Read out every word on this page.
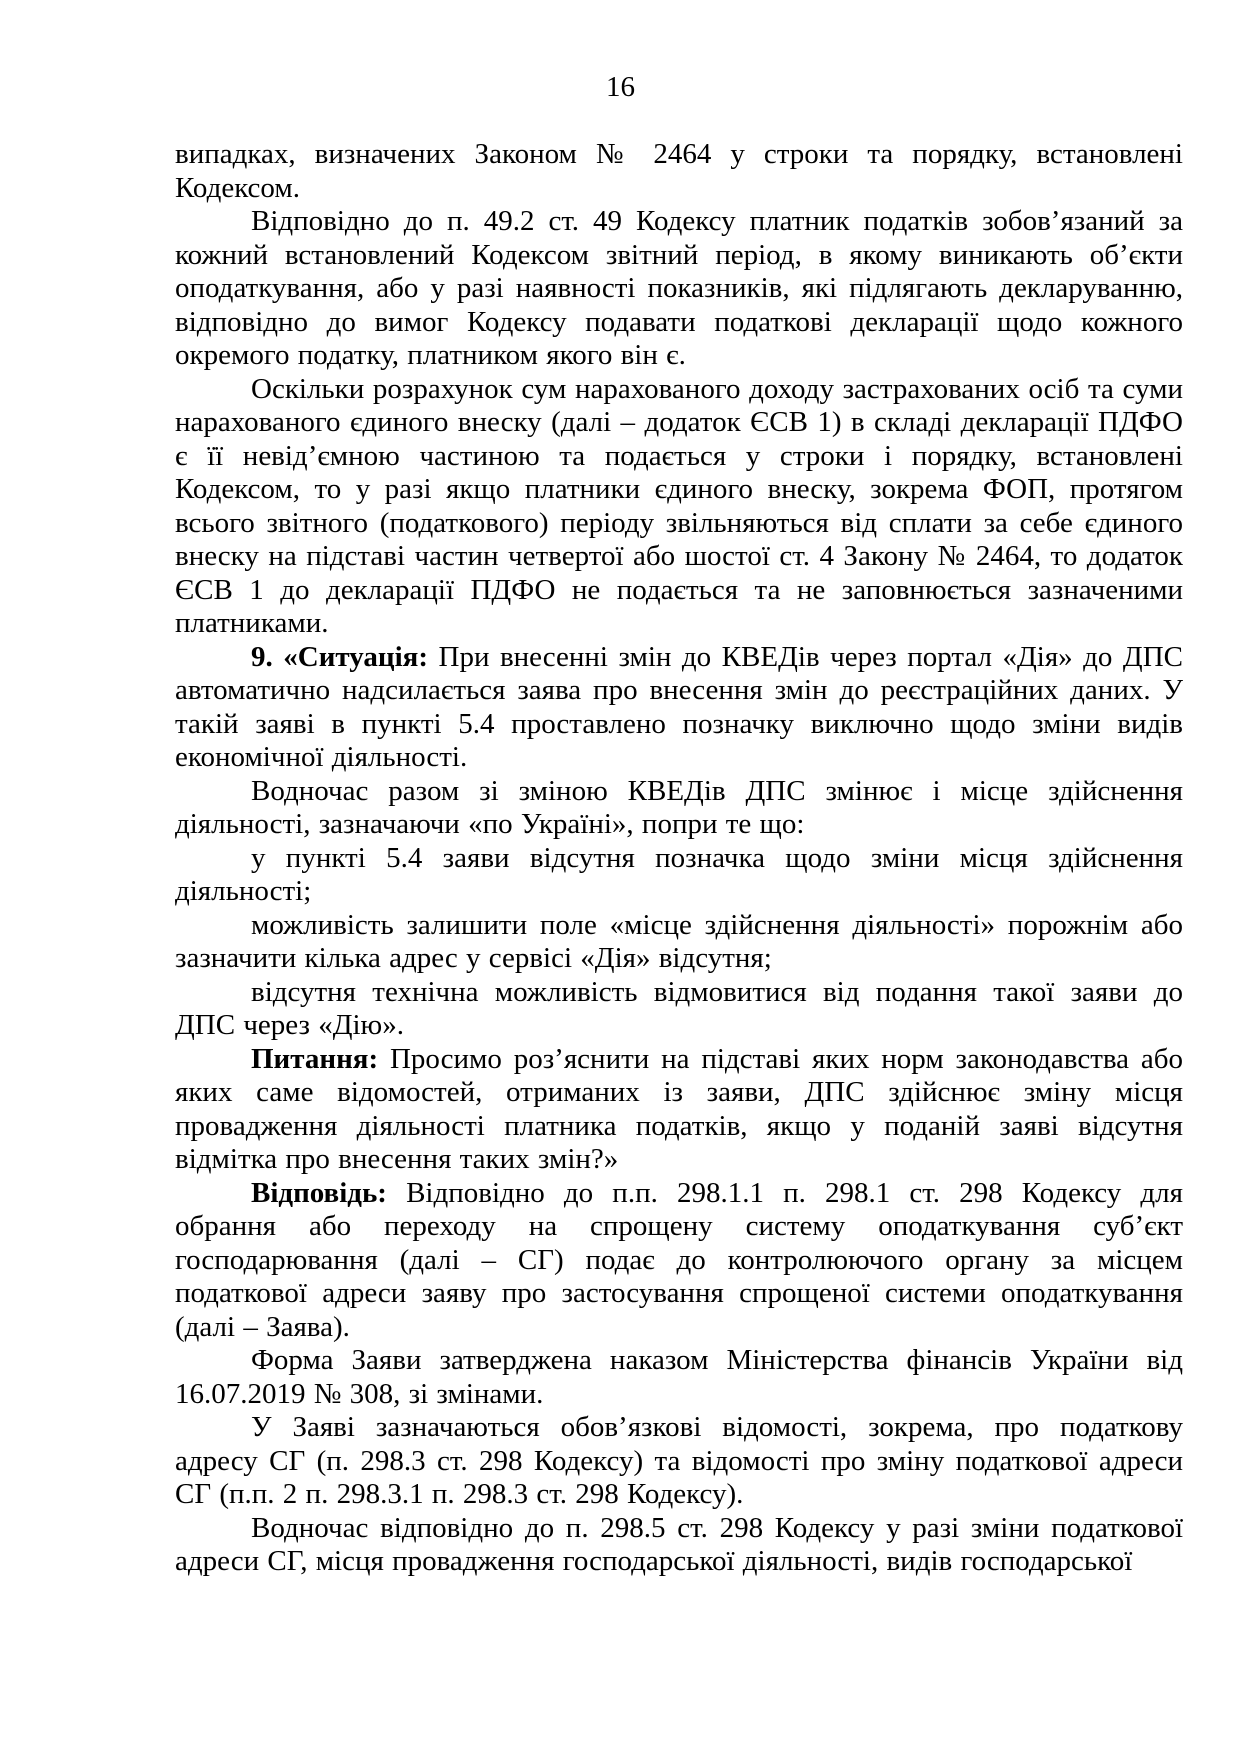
16

випадках, визначених Законом № 2464 у строки та порядку, встановлені Кодексом.

Відповідно до п. 49.2 ст. 49 Кодексу платник податків зобов’язаний за кожний встановлений Кодексом звітний період, в якому виникають об’єкти оподаткування, або у разі наявності показників, які підлягають декларуванню, відповідно до вимог Кодексу подавати податкові декларації щодо кожного окремого податку, платником якого він є.

Оскільки розрахунок сум нарахованого доходу застрахованих осіб та суми нарахованого єдиного внеску (далі – додаток ЄСВ 1) в складі декларації ПДФО є її невід’ємною частиною та подається у строки і порядку, встановлені Кодексом, то у разі якщо платники єдиного внеску, зокрема ФОП, протягом всього звітного (податкового) періоду звільняються від сплати за себе єдиного внеску на підставі частин четвертої або шостої ст. 4 Закону № 2464, то додаток ЄСВ 1 до декларації ПДФО не подається та не заповнюється зазначеними платниками.

9. «Ситуація: При внесенні змін до КВЕДів через портал «Дія» до ДПС автоматично надсилається заява про внесення змін до реєстраційних даних. У такій заяві в пункті 5.4 проставлено позначку виключно щодо зміни видів економічної діяльності.

Водночас разом зі зміною КВЕДів ДПС змінює і місце здійснення діяльності, зазначаючи «по Україні», попри те що:

у пункті 5.4 заяви відсутня позначка щодо зміни місця здійснення діяльності;

можливість залишити поле «місце здійснення діяльності» порожнім або зазначити кілька адрес у сервісі «Дія» відсутня;

відсутня технічна можливість відмовитися від подання такої заяви до ДПС через «Дію».

Питання: Просимо роз’яснити на підставі яких норм законодавства або яких саме відомостей, отриманих із заяви, ДПС здійснює зміну місця провадження діяльності платника податків, якщо у поданій заяві відсутня відмітка про внесення таких змін?»

Відповідь: Відповідно до п.п. 298.1.1 п. 298.1 ст. 298 Кодексу для обрання або переходу на спрощену систему оподаткування суб’єкт господарювання (далі – СГ) подає до контролюючого органу за місцем податкової адреси заяву про застосування спрощеної системи оподаткування (далі – Заява).

Форма Заяви затверджена наказом Міністерства фінансів України від 16.07.2019 № 308, зі змінами.

У Заяві зазначаються обов’язкові відомості, зокрема, про податкову адресу СГ (п. 298.3 ст. 298 Кодексу) та відомості про зміну податкової адреси СГ (п.п. 2 п. 298.3.1 п. 298.3 ст. 298 Кодексу).

Водночас відповідно до п. 298.5 ст. 298 Кодексу у разі зміни податкової адреси СГ, місця провадження господарської діяльності, видів господарської
